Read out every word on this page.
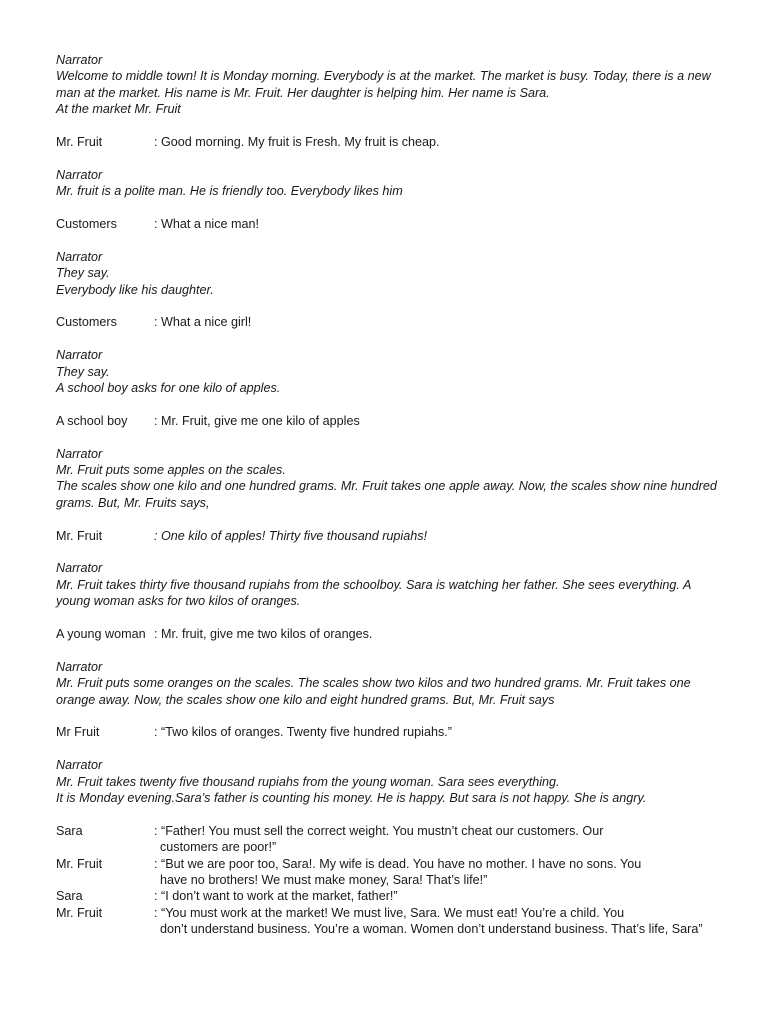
Narrator
Welcome to middle town! It is Monday morning. Everybody is at the market. The market is busy. Today, there is a new
man at the market. His name is Mr. Fruit. Her daughter is helping him. Her name is Sara.
At the market Mr. Fruit
Mr. Fruit	: Good morning. My fruit is Fresh. My fruit is cheap.
Narrator
Mr. fruit is a polite man. He is friendly too. Everybody likes him
Customers	: What a nice man!
Narrator
They say.
Everybody like his daughter.
Customers	: What a nice girl!
Narrator
They say.
A school boy asks for one kilo of apples.
A school boy	: Mr. Fruit, give me one kilo of apples
Narrator
Mr. Fruit puts some apples on the scales.
The scales show one kilo and one hundred grams. Mr. Fruit takes one apple away. Now, the scales show nine hundred
grams. But, Mr. Fruits says,
Mr. Fruit	: One kilo of apples! Thirty five thousand rupiahs!
Narrator
Mr. Fruit takes thirty five thousand rupiahs from the schoolboy. Sara is watching her father. She sees everything. A
young woman asks for two kilos of oranges.
A young woman : Mr. fruit, give me two kilos of oranges.
Narrator
Mr. Fruit puts some oranges on the scales. The scales show two kilos and two hundred grams. Mr. Fruit takes one
orange away. Now, the scales show one kilo and eight hundred grams. But, Mr. Fruit says
Mr Fruit	: “Two kilos of oranges. Twenty five hundred rupiahs.”
Narrator
Mr. Fruit takes twenty five thousand rupiahs from the young woman. Sara sees everything.
It is Monday evening.Sara’s father is counting his money. He is happy. But sara is not happy. She is angry.
Sara	: “Father! You must sell the correct weight. You mustn’t cheat our customers. Our
customers are poor!”
Mr. Fruit	: “But we are poor too, Sara!. My wife is dead. You have no mother. I have no sons. You
have no brothers! We must make money, Sara! That’s life!”
Sara	: “I don’t want to work at the market, father!”
Mr. Fruit	: “You must work at the market! We must live, Sara. We must eat! You’re a child. You
don’t understand business. You’re a woman. Women don’t understand business. That’s life, Sara”
